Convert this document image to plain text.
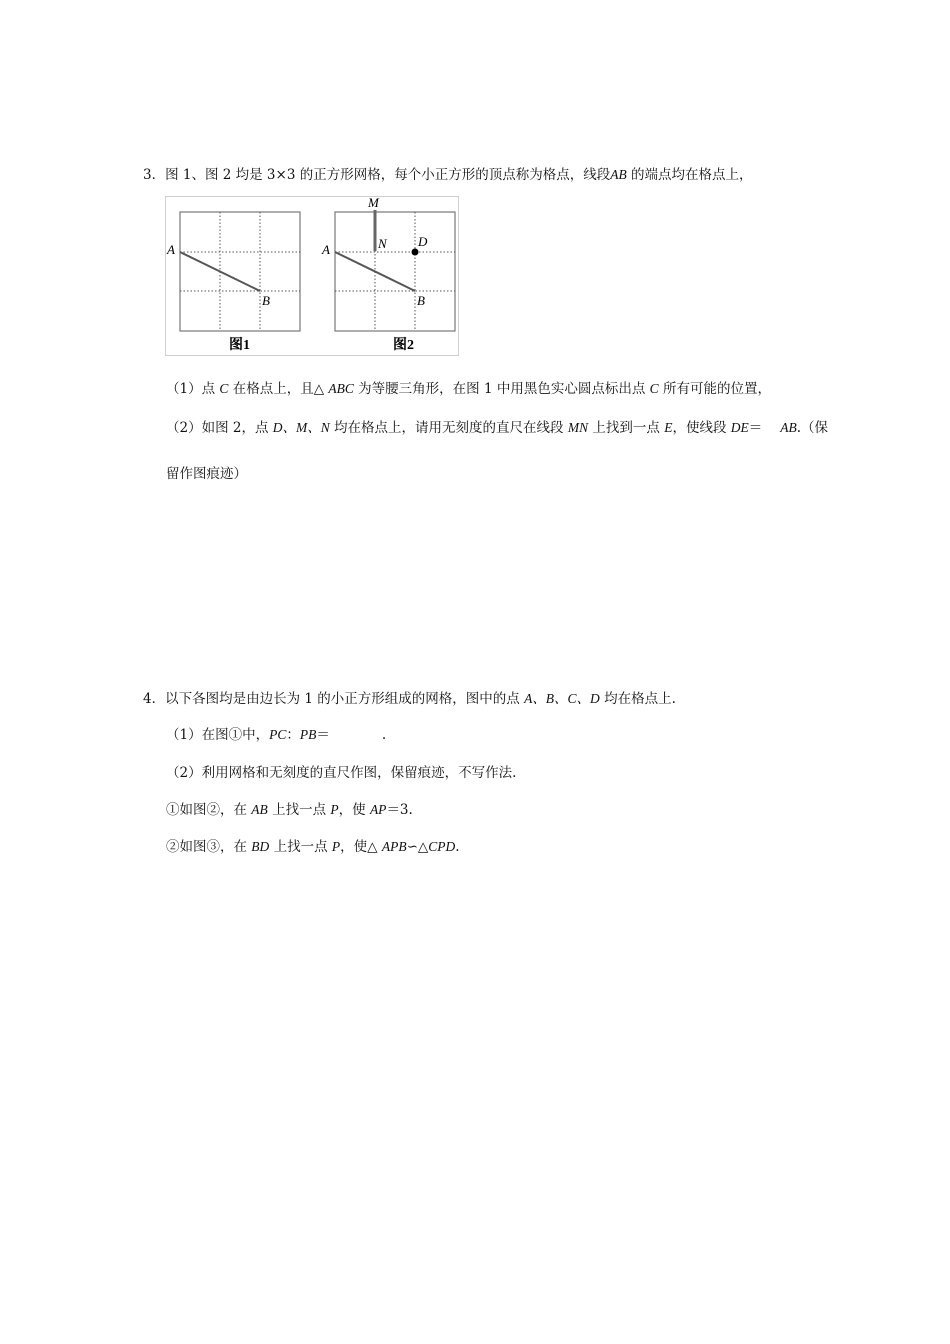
3．图 1、图 2 均是 3×3 的正方形网格，每个小正方形的顶点称为格点，线段AB 的端点均在格点上，
A
B
图1
M
N D
A
B
图2
（1）点 C 在格点上，且△ ABC 为等腰三角形，在图 1 中用黑色实心圆点标出点 C 所有可能的位置，
（2）如图 2，点 D、M、N 均在格点上，请用无刻度的直尺在线段 MN 上找到一点 E，使线段 DE＝ AB.（保
留作图痕迹）
4．以下各图均是由边长为 1 的小正方形组成的网格，图中的点 A、B、C、D 均在格点上.
（1）在图①中，PC：PB＝	.
（2）利用网格和无刻度的直尺作图，保留痕迹，不写作法.
①如图②，在 AB 上找一点 P，使 AP＝3.
②如图③，在 BD 上找一点 P，使△ APB∽△CPD.
